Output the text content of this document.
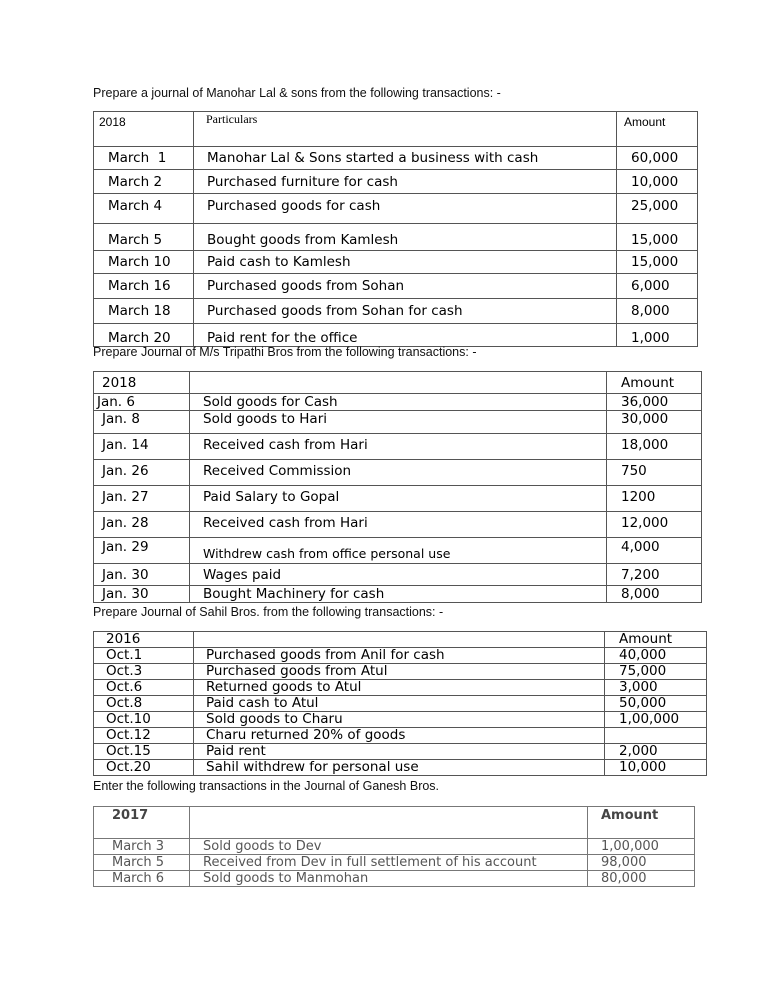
Prepare a journal of Manohar Lal & sons from the following transactions: -
2018	Particulars	Amount
March  1	Manohar Lal & Sons started a business with cash	60,000
March 2	Purchased furniture for cash	10,000
March 4	Purchased goods for cash	25,000
March 5	Bought goods from Kamlesh	15,000
March 10	Paid cash to Kamlesh	15,000
March 16	Purchased goods from Sohan	6,000
March 18	Purchased goods from Sohan for cash	8,000
March 20	Paid rent for the office	1,000
Prepare Journal of M/s Tripathi Bros from the following transactions: -
2018		Amount
Jan. 6	Sold goods for Cash	36,000
Jan. 8	Sold goods to Hari	30,000
Jan. 14	Received cash from Hari	18,000
Jan. 26	Received Commission	750
Jan. 27	Paid Salary to Gopal	1200
Jan. 28	Received cash from Hari	12,000
Jan. 29	Withdrew cash from office personal use	4,000
Jan. 30	Wages paid	7,200
Jan. 30	Bought Machinery for cash	8,000
Prepare Journal of Sahil Bros. from the following transactions: -
2016		Amount
Oct.1	Purchased goods from Anil for cash	40,000
Oct.3	Purchased goods from Atul	75,000
Oct.6	Returned goods to Atul	3,000
Oct.8	Paid cash to Atul	50,000
Oct.10	Sold goods to Charu	1,00,000
Oct.12	Charu returned 20% of goods	
Oct.15	Paid rent	2,000
Oct.20	Sahil withdrew for personal use	10,000
Enter the following transactions in the Journal of Ganesh Bros.
2017		Amount
March 3	Sold goods to Dev	1,00,000
March 5	Received from Dev in full settlement of his account	98,000
March 6	Sold goods to Manmohan	80,000
